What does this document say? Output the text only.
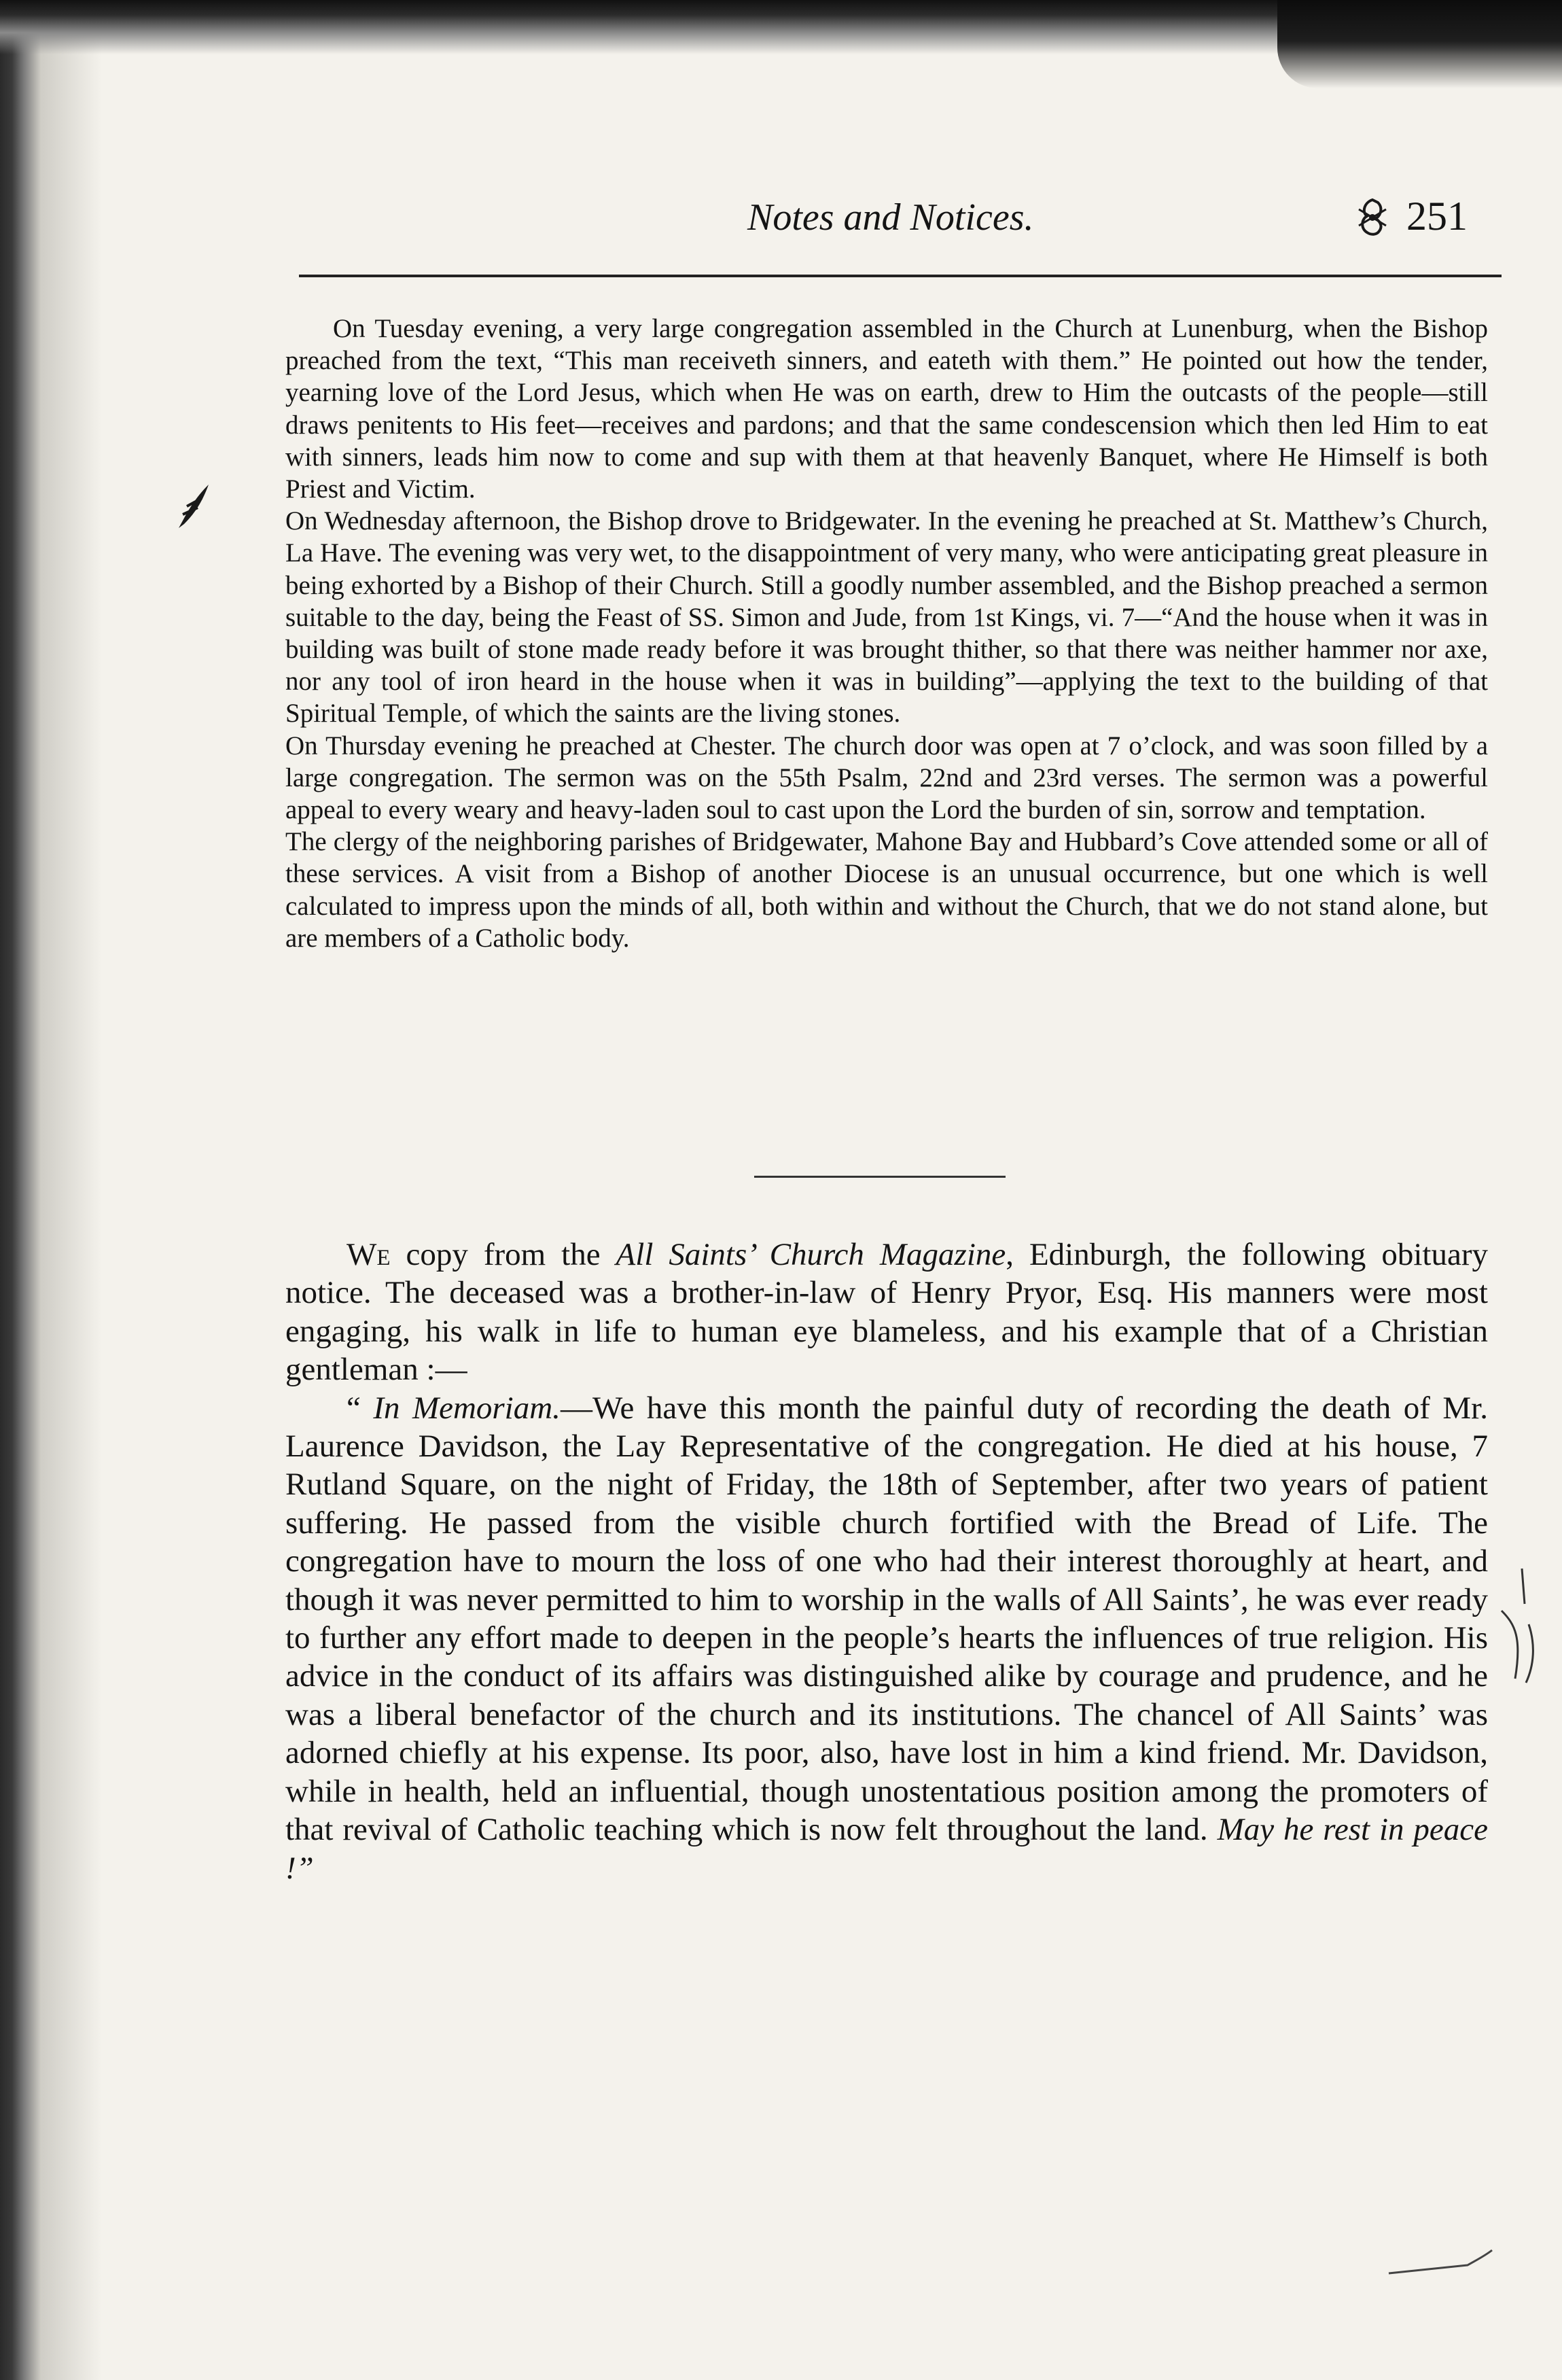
Notes and Notices.	251

On Tuesday evening, a very large congregation assembled in the Church at Lunenburg, when the Bishop preached from the text, “This man receiveth sinners, and eateth with them.” He pointed out how the tender, yearning love of the Lord Jesus, which when He was on earth, drew to Him the outcasts of the people—still draws penitents to His feet—receives and pardons; and that the same condescension which then led Him to eat with sinners, leads him now to come and sup with them at that heavenly Banquet, where He Himself is both Priest and Victim.

On Wednesday afternoon, the Bishop drove to Bridgewater. In the evening he preached at St. Matthew’s Church, La Have. The evening was very wet, to the disappointment of very many, who were anticipating great pleasure in being exhorted by a Bishop of their Church. Still a goodly number assembled, and the Bishop preached a sermon suitable to the day, being the Feast of SS. Simon and Jude, from 1st Kings, vi. 7—“And the house when it was in building was built of stone made ready before it was brought thither, so that there was neither hammer nor axe, nor any tool of iron heard in the house when it was in building”—applying the text to the building of that Spiritual Temple, of which the saints are the living stones.

On Thursday evening he preached at Chester. The church door was open at 7 o’clock, and was soon filled by a large congregation. The sermon was on the 55th Psalm, 22nd and 23rd verses. The sermon was a powerful appeal to every weary and heavy-laden soul to cast upon the Lord the burden of sin, sorrow and temptation.

The clergy of the neighboring parishes of Bridgewater, Mahone Bay and Hubbard’s Cove attended some or all of these services. A visit from a Bishop of another Diocese is an unusual occurrence, but one which is well calculated to impress upon the minds of all, both within and without the Church, that we do not stand alone, but are members of a Catholic body.

We copy from the All Saints’ Church Magazine, Edinburgh, the following obituary notice. The deceased was a brother-in-law of Henry Pryor, Esq. His manners were most engaging, his walk in life to human eye blameless, and his example that of a Christian gentleman :—

“ In Memoriam.—We have this month the painful duty of recording the death of Mr. Laurence Davidson, the Lay Representative of the congregation. He died at his house, 7 Rutland Square, on the night of Friday, the 18th of September, after two years of patient suffering. He passed from the visible church fortified with the Bread of Life. The congregation have to mourn the loss of one who had their interest thoroughly at heart, and though it was never permitted to him to worship in the walls of All Saints’, he was ever ready to further any effort made to deepen in the people’s hearts the influences of true religion. His advice in the conduct of its affairs was distinguished alike by courage and prudence, and he was a liberal benefactor of the church and its institutions. The chancel of All Saints’ was adorned chiefly at his expense. Its poor, also, have lost in him a kind friend. Mr. Davidson, while in health, held an influential, though unostentatious position among the promoters of that revival of Catholic teaching which is now felt throughout the land. May he rest in peace !”
